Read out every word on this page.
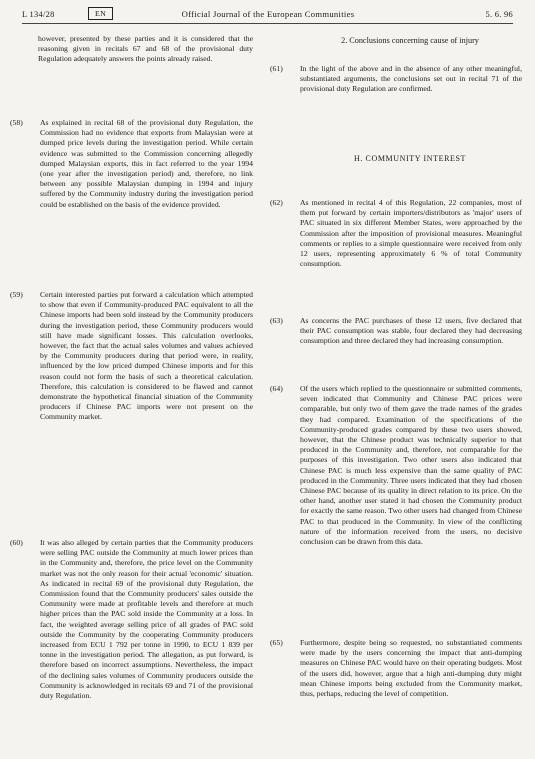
L 134/28	EN	Official Journal of the European Communities	5. 6. 96
however, presented by these parties and it is considered that the reasoning given in recitals 67 and 68 of the provisional duty Regulation adequately answers the points already raised.
(58)	As explained in recital 68 of the provisional duty Regulation, the Commission had no evidence that exports from Malaysian were at dumped price levels during the investigation period. While certain evidence was submitted to the Commission concerning allegedly dumped Malaysian exports, this in fact referred to the year 1994 (one year after the investigation period) and, therefore, no link between any possible Malaysian dumping in 1994 and injury suffered by the Community industry during the investigation period could be established on the basis of the evidence provided.
(59)	Certain interested parties put forward a calculation which attempted to show that even if Community-produced PAC equivalent to all the Chinese imports had been sold instead by the Community producers during the investigation period, these Community producers would still have made significant losses. This calculation overlooks, however, the fact that the actual sales volumes and values achieved by the Community producers during that period were, in reality, influenced by the low priced dumped Chinese imports and for this reason could not form the basis of such a theoretical calculation. Therefore, this calculation is considered to be flawed and cannot demonstrate the hypothetical financial situation of the Community producers if Chinese PAC imports were not present on the Community market.
(60)	It was also alleged by certain parties that the Community producers were selling PAC outside the Community at much lower prices than in the Community and, therefore, the price level on the Community market was not the only reason for their actual 'economic' situation. As indicated in recital 69 of the provisional duty Regulation, the Commission found that the Community producers' sales outside the Community were made at profitable levels and therefore at much higher prices than the PAC sold inside the Community at a loss. In fact, the weighted average selling price of all grades of PAC sold outside the Community by the cooperating Community producers increased from ECU 1 792 per tonne in 1990, to ECU 1 839 per tonne in the investigation period. The allegation, as put forward, is therefore based on incorrect assumptions. Nevertheless, the impact of the declining sales volumes of Community producers outside the Community is acknowledged in recitals 69 and 71 of the provisional duty Regulation.
2. Conclusions concerning cause of injury
(61)	In the light of the above and in the absence of any other meaningful, substantiated arguments, the conclusions set out in recital 71 of the provisional duty Regulation are confirmed.
H. COMMUNITY INTEREST
(62)	As mentioned in recital 4 of this Regulation, 22 companies, most of them put forward by certain importers/distributors as 'major' users of PAC situated in six different Member States, were approached by the Commission after the imposition of provisional measures. Meaningful comments or replies to a simple questionnaire were received from only 12 users, representing approximately 6 % of total Community consumption.
(63)	As concerns the PAC purchases of these 12 users, five declared that their PAC consumption was stable, four declared they had decreasing consumption and three declared they had increasing consumption.
(64)	Of the users which replied to the questionnaire or submitted comments, seven indicated that Community and Chinese PAC prices were comparable, but only two of them gave the trade names of the grades they had compared. Examination of the specifications of the Community-produced grades compared by these two users showed, however, that the Chinese product was technically superior to that produced in the Community and, therefore, not comparable for the purposes of this investigation. Two other users also indicated that Chinese PAC is much less expensive than the same quality of PAC produced in the Community. Three users indicated that they had chosen Chinese PAC because of its quality in direct relation to its price. On the other hand, another user stated it had chosen the Community product for exactly the same reason. Two other users had changed from Chinese PAC to that produced in the Community. In view of the conflicting nature of the information received from the users, no decisive conclusion can be drawn from this data.
(65)	Furthermore, despite being so requested, no substantiated comments were made by the users concerning the impact that anti-dumping measures on Chinese PAC would have on their operating budgets. Most of the users did, however, argue that a high anti-dumping duty might mean Chinese imports being excluded from the Community market, thus, perhaps, reducing the level of competition.
